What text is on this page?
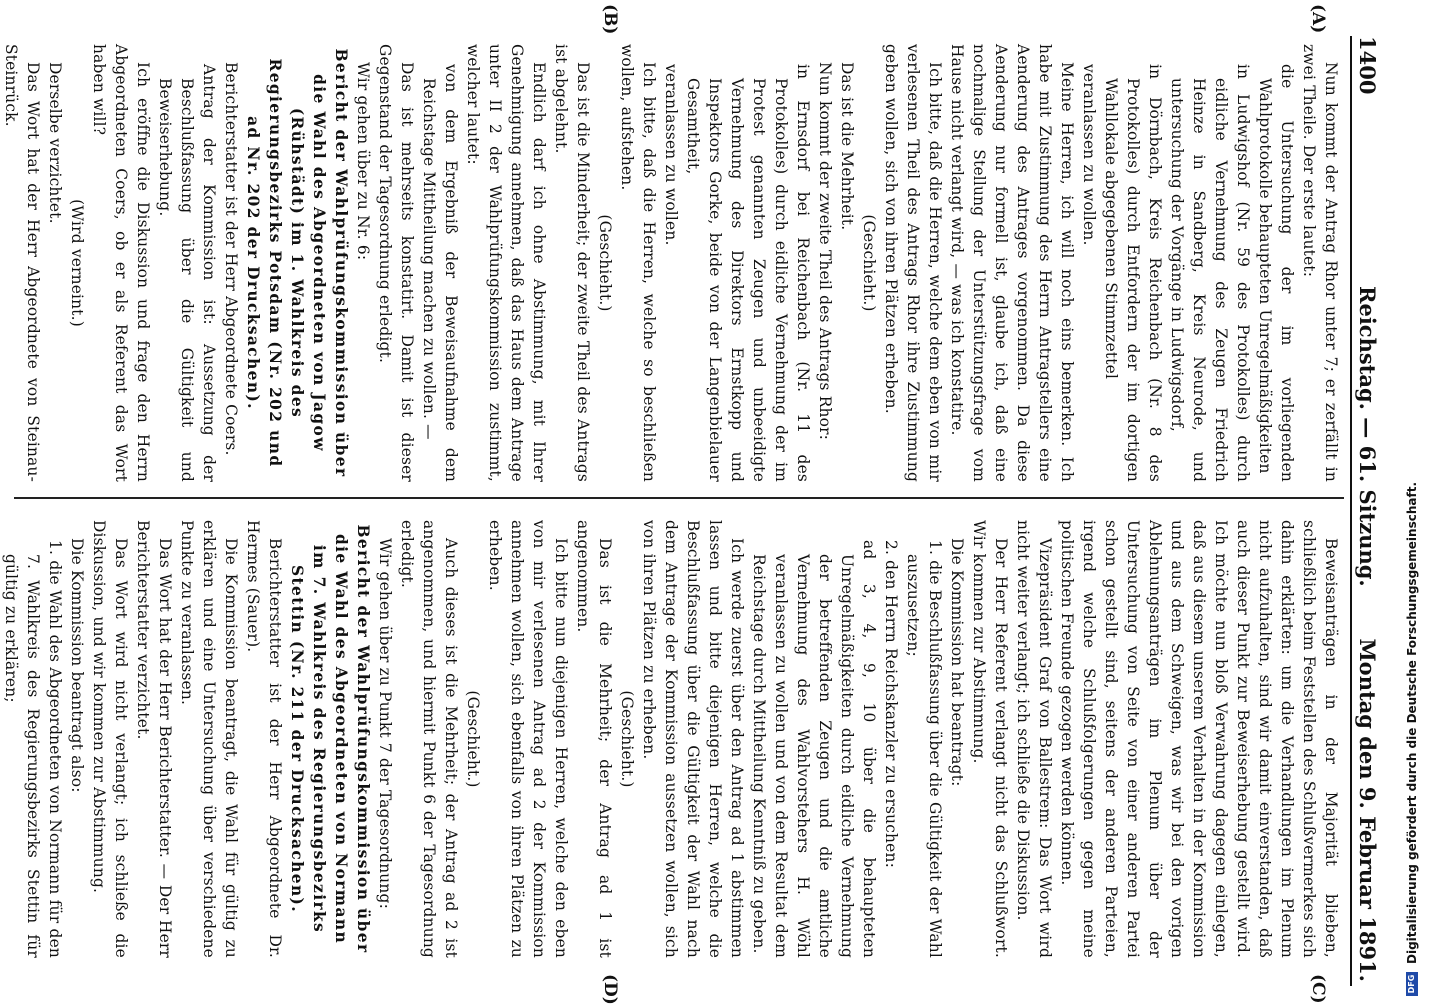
1400
Reichstag. — 61. Sitzung.
Montag den 9. Februar 1891.
(A)
(B)
(C)
(D)

Nun kommt der Antrag Rhor unter 7; er zerfällt in zwei Theile. Der erste lautet:

die Untersuchung der im vorliegenden Wahlprotokolle behaupteten Unregelmäßigkeiten

in Ludwigshof (Nr. 59 des Protokolles) durch eidliche Vernehmung des Zeugen Friedrich Heinze in Sandberg, Kreis Neurode, und untersuchung der Vorgänge in Ludwigsdorf,

in Dörnbach, Kreis Reichenbach (Nr. 8 des Protokolles) durch Entfordern der im dortigen Wahllokale abgegebenen Stimmzettel

veranlassen zu wollen.

Meine Herren, ich will noch eins bemerken. Ich habe mit Zustimmung des Herrn Antragstellers eine Aenderung des Antrages vorgenommen. Da diese Aenderung nur formell ist, glaube ich, daß eine nochmalige Stellung der Unterstützungsfrage vom Hause nicht verlangt wird, — was ich konstatire.

Ich bitte, daß die Herren, welche dem eben von mir verlesenen Theil des Antrags Rhor ihre Zustimmung geben wollen, sich von ihren Plätzen erheben.

(Geschieht.)

Das ist die Mehrheit.

Nun kommt der zweite Theil des Antrags Rhor:

in Ernsdorf bei Reichenbach (Nr. 11 des Protokolles) durch eidliche Vernehmung der im Protest genannten Zeugen und unbeeidigte Vernehmung des Direktors Ernstkopp und Inspektors Gorke, beide von der Langenbielauer Gesamtheit,

veranlassen zu wollen.

Ich bitte, daß die Herren, welche so beschließen wollen, aufstehen.

(Geschieht.)

Das ist die Minderheit; der zweite Theil des Antrags ist abgelehnt.

Endlich darf ich ohne Abstimmung, mit Ihrer Genehmigung annehmen, daß das Haus dem Antrage unter II 2 der Wahlprüfungskommission zustimmt, welcher lautet:

von dem Ergebniß der Beweisaufnahme dem Reichstage Mittheilung machen zu wollen. —

Das ist mehrseits konstatirt. Damit ist dieser Gegenstand der Tagesordnung erledigt.

Wir gehen über zu Nr. 6:

Bericht der Wahlprüfungskommission über die Wahl des Abgeordneten von Jagow (Rühstädt) im 1. Wahlkreis des Regierungsbezirks Potsdam (Nr. 202 und ad Nr. 202 der Drucksachen).

Berichterstatter ist der Herr Abgeordnete Coers.

Antrag der Kommission ist: Aussetzung der Beschlußfassung über die Gültigkeit und Beweiserhebung.

Ich eröffne die Diskussion und frage den Herrn Abgeordneten Coers, ob er als Referent das Wort haben will?

(Wird verneint.)

Derselbe verzichtet.

Das Wort hat der Herr Abgeordnete von Steinau-Steinrück.

Beweisanträgen in der Majorität blieben, schließlich beim Feststellen des Schlußvermerkes sich dahin erklärten: um die Verhandlungen im Plenum nicht aufzuhalten, sind wir damit einverstanden, daß auch dieser Punkt zur Beweiserhebung gestellt wird. Ich möchte nun bloß Verwahrung dagegen einlegen, daß aus diesem unserem Verhalten in der Kommission und aus dem Schweigen, was wir bei den vorigen Ablehnungsanträgen im Plenum über der Untersuchung von Seite von einer anderen Partei schon gestellt sind, seitens der anderen Parteien, irgend welche Schlußfolgerungen gegen meine politischen Freunde gezogen werden können.

Vizepräsident Graf von Ballestrem: Das Wort wird nicht weiter verlangt; ich schließe die Diskussion.

Der Herr Referent verlangt nicht das Schlußwort. Wir kommen zur Abstimmung.

Die Kommission hat beantragt:

1. die Beschlußfassung über die Gültigkeit der Wahl auszusetzen;

2. den Herrn Reichskanzler zu ersuchen:

ad 3, 4, 9, 10 über die behaupteten Unregelmäßigkeiten durch eidliche Vernehmung der betreffenden Zeugen und die amtliche Vernehmung des Wahlvorstehers H. Wöhl veranlassen zu wollen und von dem Resultat dem Reichstage durch Mittheilung Kenntniß zu geben.

Ich werde zuerst über den Antrag ad 1 abstimmen lassen und bitte diejenigen Herren, welche die Beschlußfassung über die Gültigkeit der Wahl nach dem Antrage der Kommission aussetzen wollen, sich von ihren Plätzen zu erheben.

(Geschieht.)

Das ist die Mehrheit; der Antrag ad 1 ist angenommen.

Ich bitte nun diejenigen Herren, welche den eben von mir verlesenen Antrag ad 2 der Kommission annehmen wollen, sich ebenfalls von ihren Plätzen zu erheben.

(Geschieht.)

Auch dieses ist die Mehrheit; der Antrag ad 2 ist angenommen, und hiermit Punkt 6 der Tagesordnung erledigt.

Wir gehen über zu Punkt 7 der Tagesordnung:

Bericht der Wahlprüfungskommission über die Wahl des Abgeordneten von Normann im 7. Wahlkreis des Regierungsbezirks Stettin (Nr. 211 der Drucksachen).

Berichterstatter ist der Herr Abgeordnete Dr. Hermes (Sauer).

Die Kommission beantragt, die Wahl für gültig zu erklären und eine Untersuchung über verschiedene Punkte zu veranlassen.

Das Wort hat der Herr Berichterstatter. — Der Herr Berichterstatter verzichtet.

Das Wort wird nicht verlangt; ich schließe die Diskussion, und wir kommen zur Abstimmung.

Die Kommission beantragt also:

1. die Wahl des Abgeordneten von Normann für den 7. Wahlkreis des Regierungsbezirks Stettin für gültig zu erklären;

DFG
Digitalisierung gefördert durch die Deutsche Forschungsgemeinschaft.
